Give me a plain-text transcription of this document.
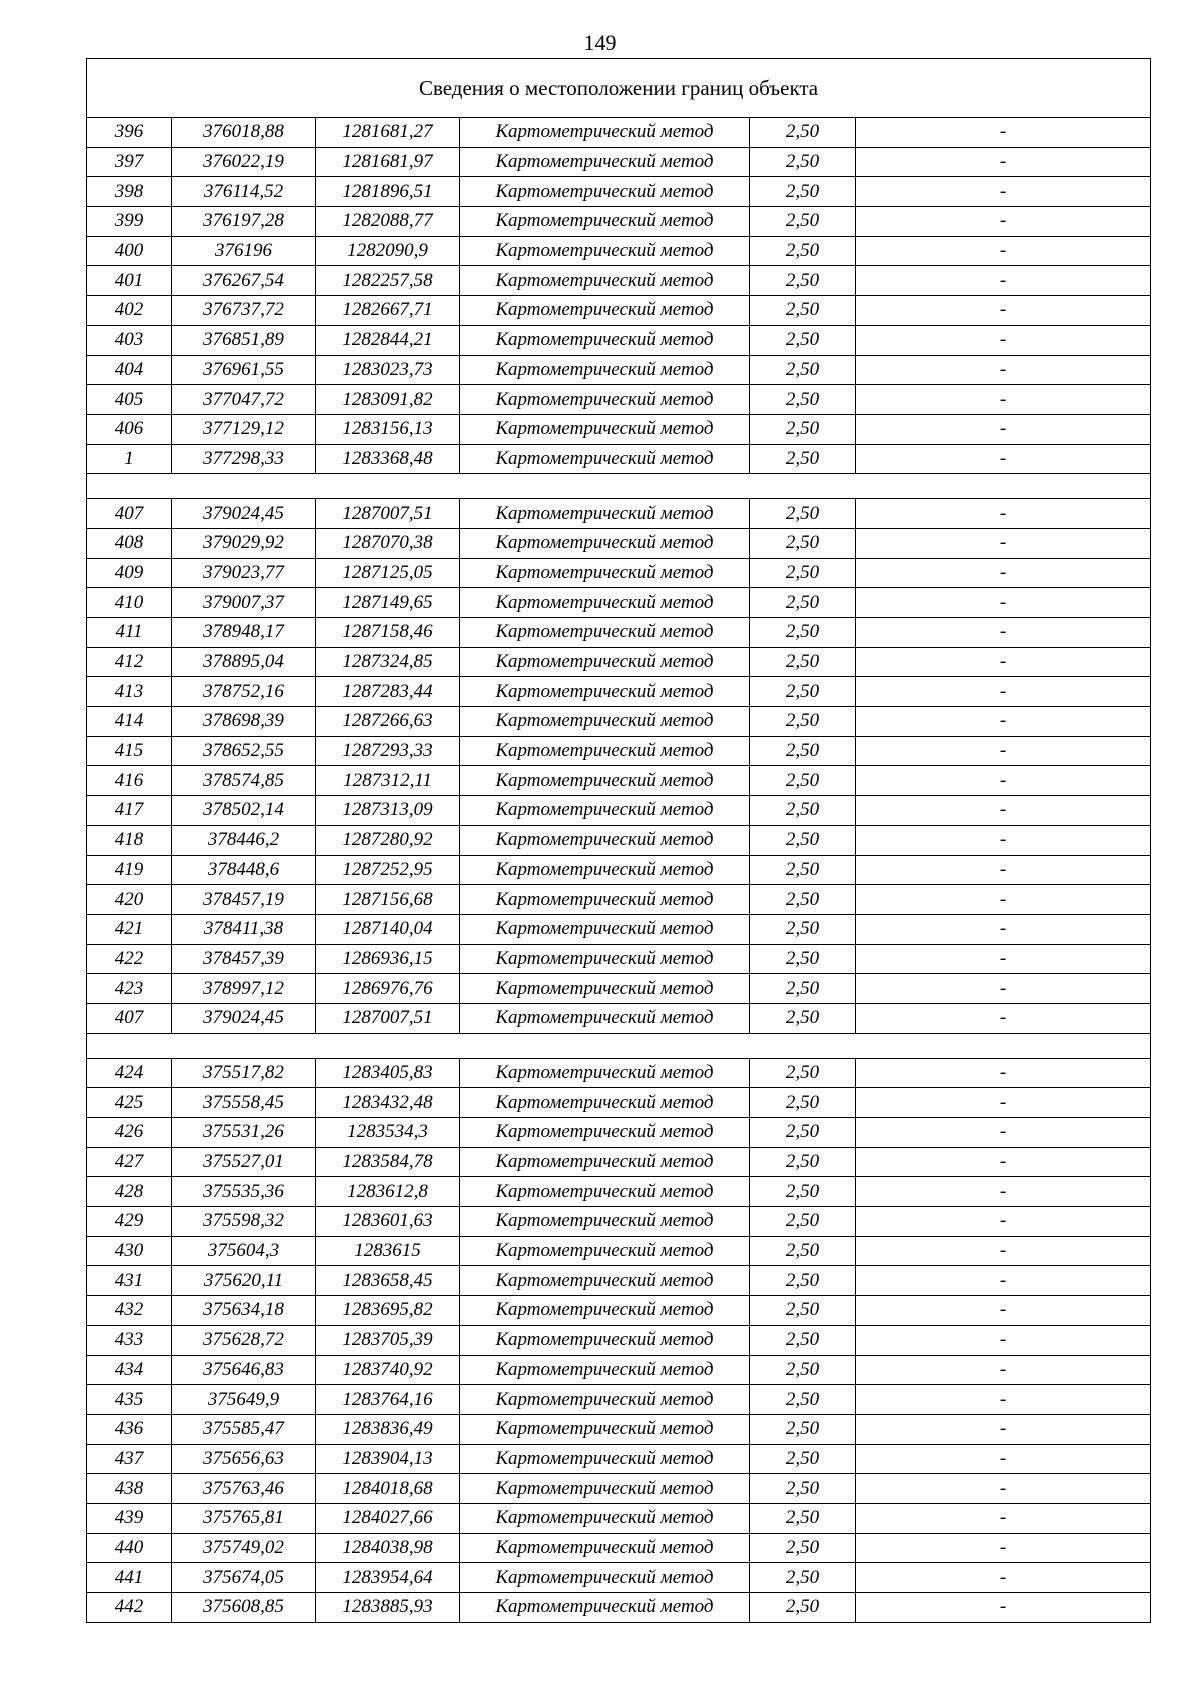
149
Сведения о местоположении границ объекта					
396	376018,88	1281681,27	Картометрический метод	2,50	-
397	376022,19	1281681,97	Картометрический метод	2,50	-
398	376114,52	1281896,51	Картометрический метод	2,50	-
399	376197,28	1282088,77	Картометрический метод	2,50	-
400	376196	1282090,9	Картометрический метод	2,50	-
401	376267,54	1282257,58	Картометрический метод	2,50	-
402	376737,72	1282667,71	Картометрический метод	2,50	-
403	376851,89	1282844,21	Картометрический метод	2,50	-
404	376961,55	1283023,73	Картометрический метод	2,50	-
405	377047,72	1283091,82	Картометрический метод	2,50	-
406	377129,12	1283156,13	Картометрический метод	2,50	-
1	377298,33	1283368,48	Картометрический метод	2,50	-

407	379024,45	1287007,51	Картометрический метод	2,50	-
408	379029,92	1287070,38	Картометрический метод	2,50	-
409	379023,77	1287125,05	Картометрический метод	2,50	-
410	379007,37	1287149,65	Картометрический метод	2,50	-
411	378948,17	1287158,46	Картометрический метод	2,50	-
412	378895,04	1287324,85	Картометрический метод	2,50	-
413	378752,16	1287283,44	Картометрический метод	2,50	-
414	378698,39	1287266,63	Картометрический метод	2,50	-
415	378652,55	1287293,33	Картометрический метод	2,50	-
416	378574,85	1287312,11	Картометрический метод	2,50	-
417	378502,14	1287313,09	Картометрический метод	2,50	-
418	378446,2	1287280,92	Картометрический метод	2,50	-
419	378448,6	1287252,95	Картометрический метод	2,50	-
420	378457,19	1287156,68	Картометрический метод	2,50	-
421	378411,38	1287140,04	Картометрический метод	2,50	-
422	378457,39	1286936,15	Картометрический метод	2,50	-
423	378997,12	1286976,76	Картометрический метод	2,50	-
407	379024,45	1287007,51	Картометрический метод	2,50	-

424	375517,82	1283405,83	Картометрический метод	2,50	-
425	375558,45	1283432,48	Картометрический метод	2,50	-
426	375531,26	1283534,3	Картометрический метод	2,50	-
427	375527,01	1283584,78	Картометрический метод	2,50	-
428	375535,36	1283612,8	Картометрический метод	2,50	-
429	375598,32	1283601,63	Картометрический метод	2,50	-
430	375604,3	1283615	Картометрический метод	2,50	-
431	375620,11	1283658,45	Картометрический метод	2,50	-
432	375634,18	1283695,82	Картометрический метод	2,50	-
433	375628,72	1283705,39	Картометрический метод	2,50	-
434	375646,83	1283740,92	Картометрический метод	2,50	-
435	375649,9	1283764,16	Картометрический метод	2,50	-
436	375585,47	1283836,49	Картометрический метод	2,50	-
437	375656,63	1283904,13	Картометрический метод	2,50	-
438	375763,46	1284018,68	Картометрический метод	2,50	-
439	375765,81	1284027,66	Картометрический метод	2,50	-
440	375749,02	1284038,98	Картометрический метод	2,50	-
441	375674,05	1283954,64	Картометрический метод	2,50	-
442	375608,85	1283885,93	Картометрический метод	2,50	-
